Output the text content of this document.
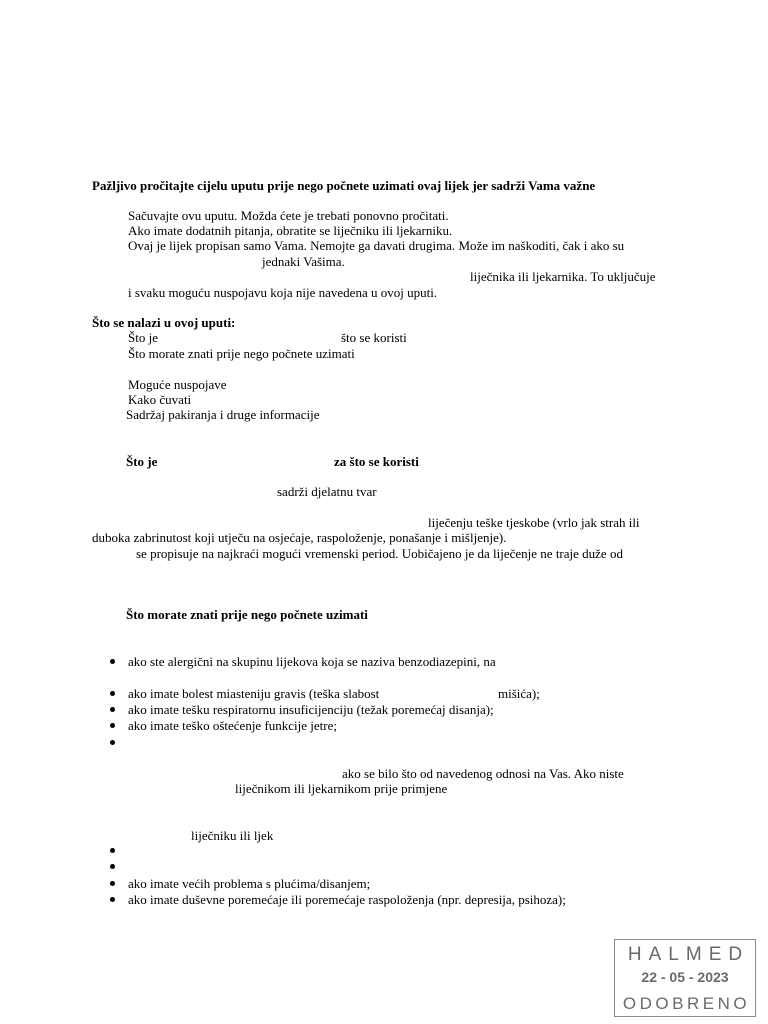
Pažljivo pročitajte cijelu uputu prije nego počnete uzimati ovaj lijek jer sadrži Vama važne
Sačuvajte ovu uputu. Možda ćete je trebati ponovno pročitati.
Ako imate dodatnih pitanja, obratite se liječniku ili ljekarniku.
Ovaj je lijek propisan samo Vama. Nemojte ga davati drugima. Može im naškoditi, čak i ako su
jednaki Vašima.
liječnika ili ljekarnika. To uključuje
i svaku moguću nuspojavu koja nije navedena u ovoj uputi.
Što se nalazi u ovoj uputi:
Što je	što se koristi
Što morate znati prije nego počnete uzimati
Moguće nuspojave
Kako čuvati
Sadržaj pakiranja i druge informacije
Što je	za što se koristi
sadrži djelatnu tvar
liječenju teške tjeskobe (vrlo jak strah ili
duboka zabrinutost koji utječu na osjećaje, raspoloženje, ponašanje i mišljenje).
se propisuje na najkraći mogući vremenski period. Uobičajeno je da liječenje ne traje duže od
Što morate znati prije nego počnete uzimati
ako ste alergični na skupinu lijekova koja se naziva benzodiazepini, na
ako imate bolest miasteniju gravis (teška slabost	mišića);
ako imate tešku respiratornu insuficijenciju (težak poremećaj disanja);
ako imate teško oštećenje funkcije jetre;
ako se bilo što od navedenog odnosi na Vas. Ako niste
liječnikom ili ljekarnikom prije primjene
liječniku ili ljek
ako imate većih problema s plućima/disanjem;
ako imate duševne poremećaje ili poremećaje raspoloženja (npr. depresija, psihoza);
HALMED
22 - 05 - 2023
ODOBRENO
